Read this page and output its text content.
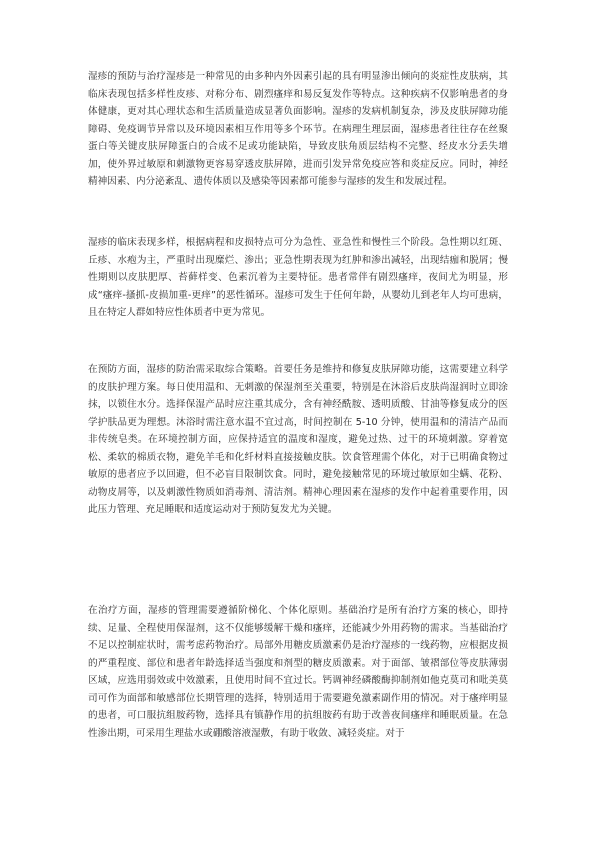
湿疹的预防与治疗湿疹是一种常见的由多种内外因素引起的具有明显渗出倾向的炎症性皮肤病，其临床表现包括多样性皮疹、对称分布、剧烈瘙痒和易反复发作等特点。这种疾病不仅影响患者的身体健康，更对其心理状态和生活质量造成显著负面影响。湿疹的发病机制复杂，涉及皮肤屏障功能障碍、免疫调节异常以及环境因素相互作用等多个环节。在病理生理层面，湿疹患者往往存在丝聚蛋白等关键皮肤屏障蛋白的合成不足或功能缺陷，导致皮肤角质层结构不完整、经皮水分丢失增加，使外界过敏原和刺激物更容易穿透皮肤屏障，进而引发异常免疫应答和炎症反应。同时，神经精神因素、内分泌紊乱、遗传体质以及感染等因素都可能参与湿疹的发生和发展过程。

湿疹的临床表现多样，根据病程和皮损特点可分为急性、亚急性和慢性三个阶段。急性期以红斑、丘疹、水疱为主，严重时出现糜烂、渗出；亚急性期表现为红肿和渗出减轻，出现结痂和脱屑；慢性期则以皮肤肥厚、苔藓样变、色素沉着为主要特征。患者常伴有剧烈瘙痒，夜间尤为明显，形成“瘙痒-搔抓-皮损加重-更痒”的恶性循环。湿疹可发生于任何年龄，从婴幼儿到老年人均可患病，且在特定人群如特应性体质者中更为常见。

在预防方面，湿疹的防治需采取综合策略。首要任务是维持和修复皮肤屏障功能，这需要建立科学的皮肤护理方案。每日使用温和、无刺激的保湿剂至关重要，特别是在沐浴后皮肤尚湿润时立即涂抹，以锁住水分。选择保湿产品时应注重其成分，含有神经酰胺、透明质酸、甘油等修复成分的医学护肤品更为理想。沐浴时需注意水温不宜过高，时间控制在 5-10 分钟，使用温和的清洁产品而非传统皂类。在环境控制方面，应保持适宜的温度和湿度，避免过热、过干的环境刺激。穿着宽松、柔软的棉质衣物，避免羊毛和化纤材料直接接触皮肤。饮食管理需个体化，对于已明确食物过敏原的患者应予以回避，但不必盲目限制饮食。同时，避免接触常见的环境过敏原如尘螨、花粉、动物皮屑等，以及刺激性物质如消毒剂、清洁剂。精神心理因素在湿疹的发作中起着重要作用，因此压力管理、充足睡眠和适度运动对于预防复发尤为关键。

在治疗方面，湿疹的管理需要遵循阶梯化、个体化原则。基础治疗是所有治疗方案的核心，即持续、足量、全程使用保湿剂，这不仅能够缓解干燥和瘙痒，还能减少外用药物的需求。当基础治疗不足以控制症状时，需考虑药物治疗。局部外用糖皮质激素仍是治疗湿疹的一线药物，应根据皮损的严重程度、部位和患者年龄选择适当强度和剂型的糖皮质激素。对于面部、皱褶部位等皮肤薄弱区域，应选用弱效或中效激素，且使用时间不宜过长。钙调神经磷酸酶抑制剂如他克莫司和吡美莫司可作为面部和敏感部位长期管理的选择，特别适用于需要避免激素副作用的情况。对于瘙痒明显的患者，可口服抗组胺药物，选择具有镇静作用的抗组胺药有助于改善夜间瘙痒和睡眠质量。在急性渗出期，可采用生理盐水或硼酸溶液湿敷，有助于收敛、减轻炎症。对于
